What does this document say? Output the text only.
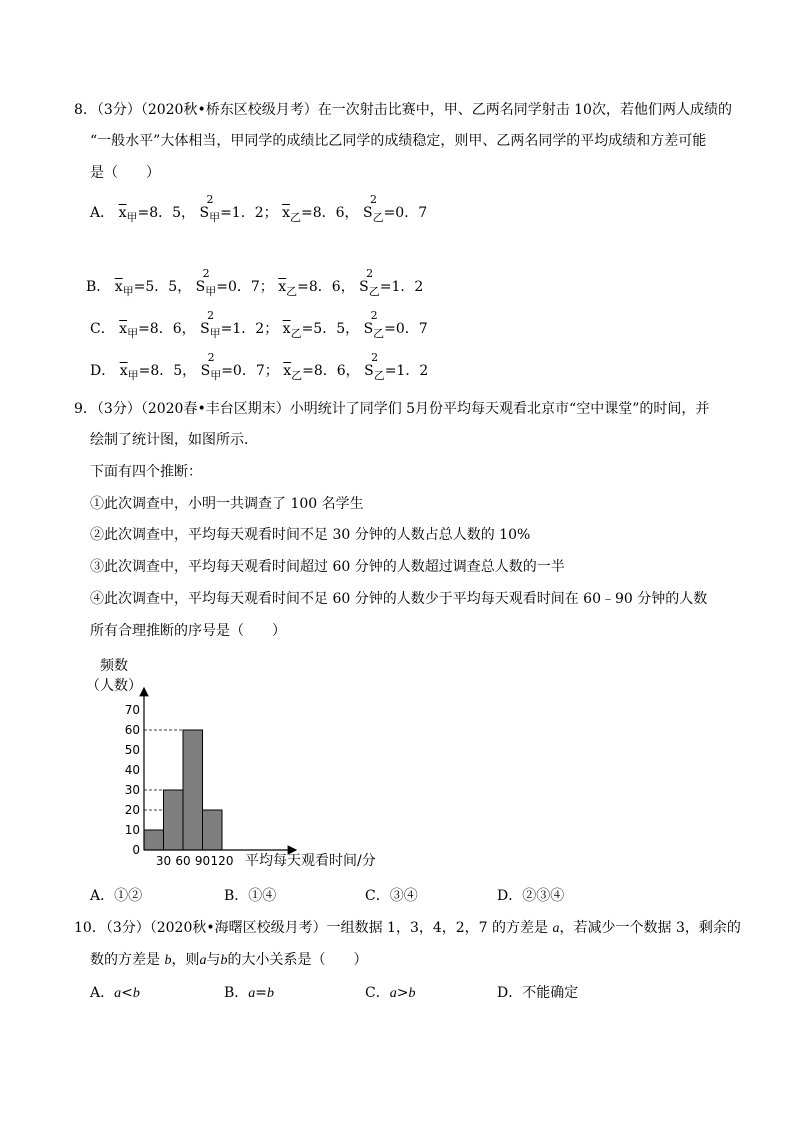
8．（3分）（2020秋•桥东区校级月考）在一次射击比赛中，甲、乙两名同学射击 10次，若他们两人成绩的
“一般水平”大体相当，甲同学的成绩比乙同学的成绩稳定，则甲、乙两名同学的平均成绩和方差可能
是（　　）
A． $\overline{x}_甲=8$．5， S
2
$_甲$=1．2； $\overline{x}_乙=8$．6， S
2
$_乙$=0．7
B． $\overline{x}_甲=5$．5， S
2
$_甲$=0．7； $\overline{x}_乙=8$．6， S
2
$_乙$=1．2
C． $\overline{x}_甲=8$．6， S
2
$_甲$=1．2； $\overline{x}_乙=5$．5， S
2
$_乙$=0．7
D． $\overline{x}_甲=8$．5， S
2
$_甲$=0．7； $\overline{x}_乙=8$．6， S
2
$_乙$=1．2
9．（3分）（2020春•丰台区期末）小明统计了同学们 5月份平均每天观看北京市“空中课堂”的时间，并
绘制了统计图，如图所示．
下面有四个推断：
①此次调查中，小明一共调查了 100 名学生
②此次调查中，平均每天观看时间不足 30 分钟的人数占总人数的 10%
③此次调查中，平均每天观看时间超过 60 分钟的人数超过调查总人数的一半
④此次调查中，平均每天观看时间不足 60 分钟的人数少于平均每天观看时间在 60﹣90 分钟的人数
所有合理推断的序号是（　　）
频数
（人数）
0
10
20
30
40
50
60
70
30 60 90 120 平均每天观看时间/分
A．①②	B．①④	C．③④	D．②③④
10．（3分）（2020秋•海曙区校级月考）一组数据 1，3，4，2，7 的方差是 a，若减少一个数据 3，剩余的
数的方差是 b，则a与b的大小关系是（　　）
A．a<b	B．a=b	C．a>b	D．不能确定
